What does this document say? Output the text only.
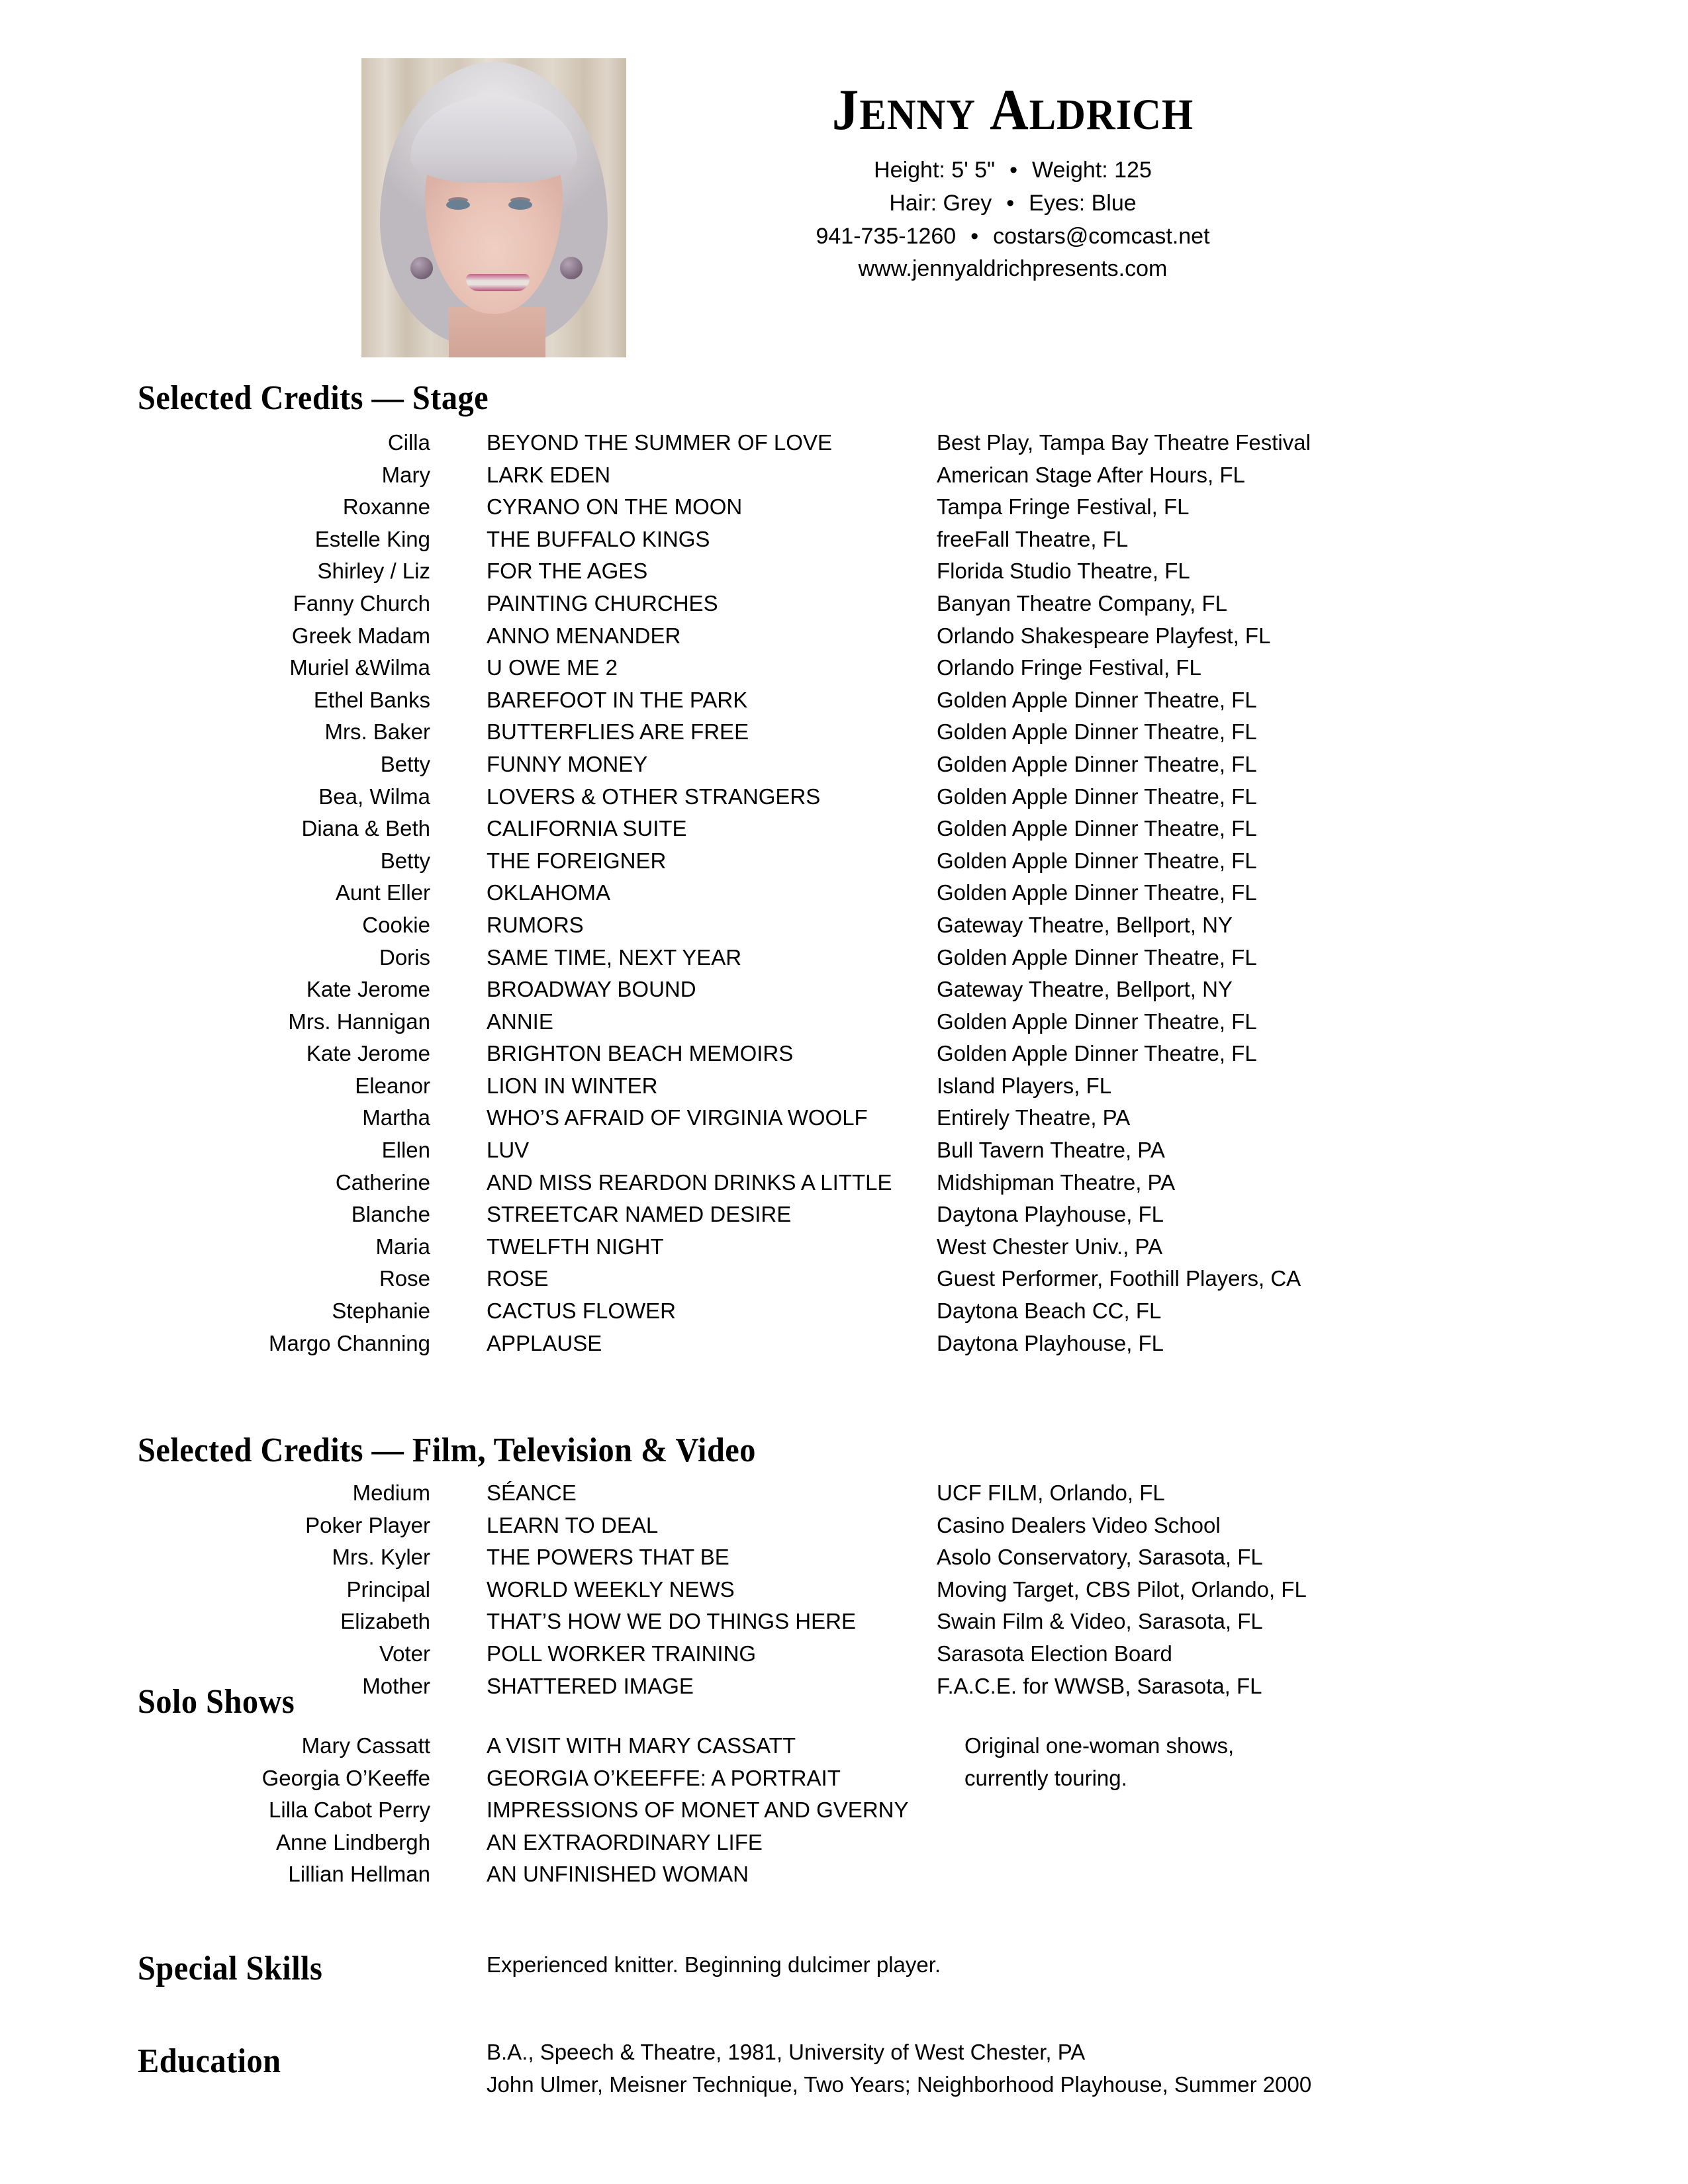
JENNY ALDRICH
Height: 5' 5" • Weight: 125
Hair: Grey • Eyes: Blue
941-735-1260 • costars@comcast.net
www.jennyaldrichpresents.com
Selected Credits — Stage
Cilla	BEYOND THE SUMMER OF LOVE	Best Play, Tampa Bay Theatre Festival
Mary	LARK EDEN	American Stage After Hours, FL
Roxanne	CYRANO ON THE MOON	Tampa Fringe Festival, FL
Estelle King	THE BUFFALO KINGS	freeFall Theatre, FL
Shirley / Liz	FOR THE AGES	Florida Studio Theatre, FL
Fanny Church	PAINTING CHURCHES	Banyan Theatre Company, FL
Greek Madam	ANNO MENANDER	Orlando Shakespeare Playfest, FL
Muriel &Wilma	U OWE ME 2	Orlando Fringe Festival, FL
Ethel Banks	BAREFOOT IN THE PARK	Golden Apple Dinner Theatre, FL
Mrs. Baker	BUTTERFLIES ARE FREE	Golden Apple Dinner Theatre, FL
Betty	FUNNY MONEY	Golden Apple Dinner Theatre, FL
Bea, Wilma	LOVERS & OTHER STRANGERS	Golden Apple Dinner Theatre, FL
Diana & Beth	CALIFORNIA SUITE	Golden Apple Dinner Theatre, FL
Betty	THE FOREIGNER	Golden Apple Dinner Theatre, FL
Aunt Eller	OKLAHOMA	Golden Apple Dinner Theatre, FL
Cookie	RUMORS	Gateway Theatre, Bellport, NY
Doris	SAME TIME, NEXT YEAR	Golden Apple Dinner Theatre, FL
Kate Jerome	BROADWAY BOUND	Gateway Theatre, Bellport, NY
Mrs. Hannigan	ANNIE	Golden Apple Dinner Theatre, FL
Kate Jerome	BRIGHTON BEACH MEMOIRS	Golden Apple Dinner Theatre, FL
Eleanor	LION IN WINTER	Island Players, FL
Martha	WHO’S AFRAID OF VIRGINIA WOOLF	Entirely Theatre, PA
Ellen	LUV	Bull Tavern Theatre, PA
Catherine	AND MISS REARDON DRINKS A LITTLE	Midshipman Theatre, PA
Blanche	STREETCAR NAMED DESIRE	Daytona Playhouse, FL
Maria	TWELFTH NIGHT	West Chester Univ., PA
Rose	ROSE	Guest Performer, Foothill Players, CA
Stephanie	CACTUS FLOWER	Daytona Beach CC, FL
Margo Channing	APPLAUSE	Daytona Playhouse, FL
Selected Credits — Film, Television & Video
Medium	SÉANCE	UCF FILM, Orlando, FL
Poker Player	LEARN TO DEAL	Casino Dealers Video School
Mrs. Kyler	THE POWERS THAT BE	Asolo Conservatory, Sarasota, FL
Principal	WORLD WEEKLY NEWS	Moving Target, CBS Pilot, Orlando, FL
Elizabeth	THAT’S HOW WE DO THINGS HERE	Swain Film & Video, Sarasota, FL
Voter	POLL WORKER TRAINING	Sarasota Election Board
Mother	SHATTERED IMAGE	F.A.C.E. for WWSB, Sarasota, FL
Solo Shows
Mary Cassatt	A VISIT WITH MARY CASSATT	Original one-woman shows,
Georgia O’Keeffe	GEORGIA O’KEEFFE: A PORTRAIT	currently touring.
Lilla Cabot Perry	IMPRESSIONS OF MONET AND GVERNY
Anne Lindbergh	AN EXTRAORDINARY LIFE
Lillian Hellman	AN UNFINISHED WOMAN
Special Skills	Experienced knitter. Beginning dulcimer player.
Education	B.A., Speech & Theatre, 1981, University of West Chester, PA
John Ulmer, Meisner Technique, Two Years; Neighborhood Playhouse, Summer 2000
